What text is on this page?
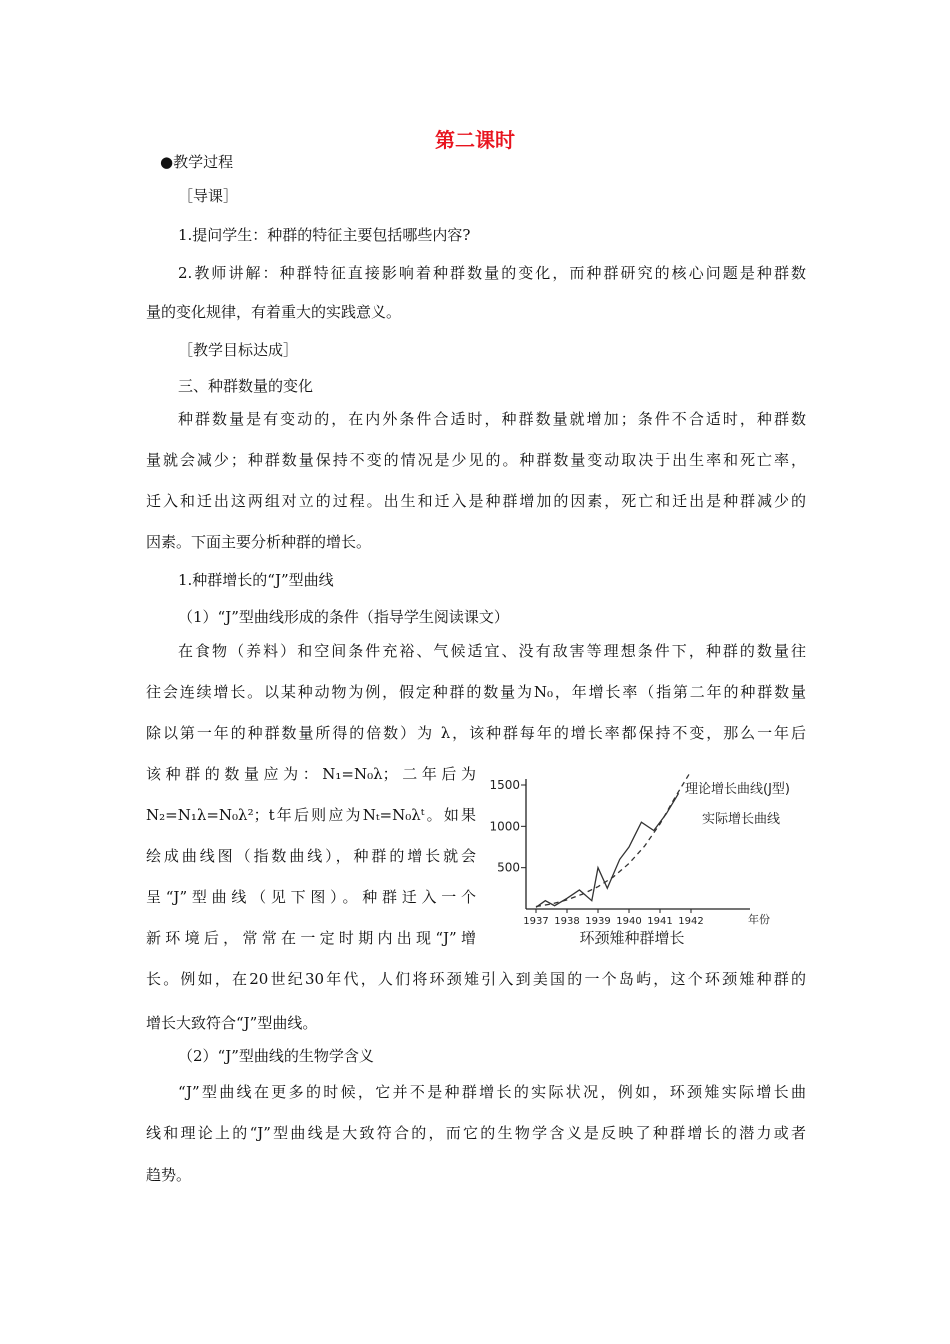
第二课时
●教学过程
［导课］
1.提问学生：种群的特征主要包括哪些内容?
2.教师讲解：种群特征直接影响着种群数量的变化，而种群研究的核心问题是种群数
量的变化规律，有着重大的实践意义。
［教学目标达成］
三、种群数量的变化
种群数量是有变动的，在内外条件合适时，种群数量就增加；条件不合适时，种群数
量就会减少；种群数量保持不变的情况是少见的。种群数量变动取决于出生率和死亡率，
迁入和迁出这两组对立的过程。出生和迁入是种群增加的因素，死亡和迁出是种群减少的
因素。下面主要分析种群的增长。
1.种群增长的“J”型曲线
（1）“J”型曲线形成的条件（指导学生阅读课文）
在食物（养料）和空间条件充裕、气候适宜、没有敌害等理想条件下，种群的数量往
往会连续增长。以某种动物为例，假定种群的数量为N₀，年增长率（指第二年的种群数量
除以第一年的种群数量所得的倍数）为 λ，该种群每年的增长率都保持不变，那么一年后
该种群的数量应为：N₁=N₀λ；二年后为
N₂=N₁λ=N₀λ²；t年后则应为Nₜ=N₀λᵗ。如果
绘成曲线图（指数曲线），种群的增长就会
呈“J”型曲线（见下图）。种群迁入一个
新环境后，常常在一定时期内出现“J”增
长。例如，在20世纪30年代，人们将环颈雉引入到美国的一个岛屿，这个环颈雉种群的
增长大致符合“J”型曲线。
（2）“J”型曲线的生物学含义
“J”型曲线在更多的时候，它并不是种群增长的实际状况，例如，环颈雉实际增长曲
线和理论上的“J”型曲线是大致符合的，而它的生物学含义是反映了种群增长的潜力或者
趋势。
500
1000
1500
1937 1938 1939 1940 1941 1942
理论增长曲线(J型)
实际增长曲线
年份
环颈雉种群增长
